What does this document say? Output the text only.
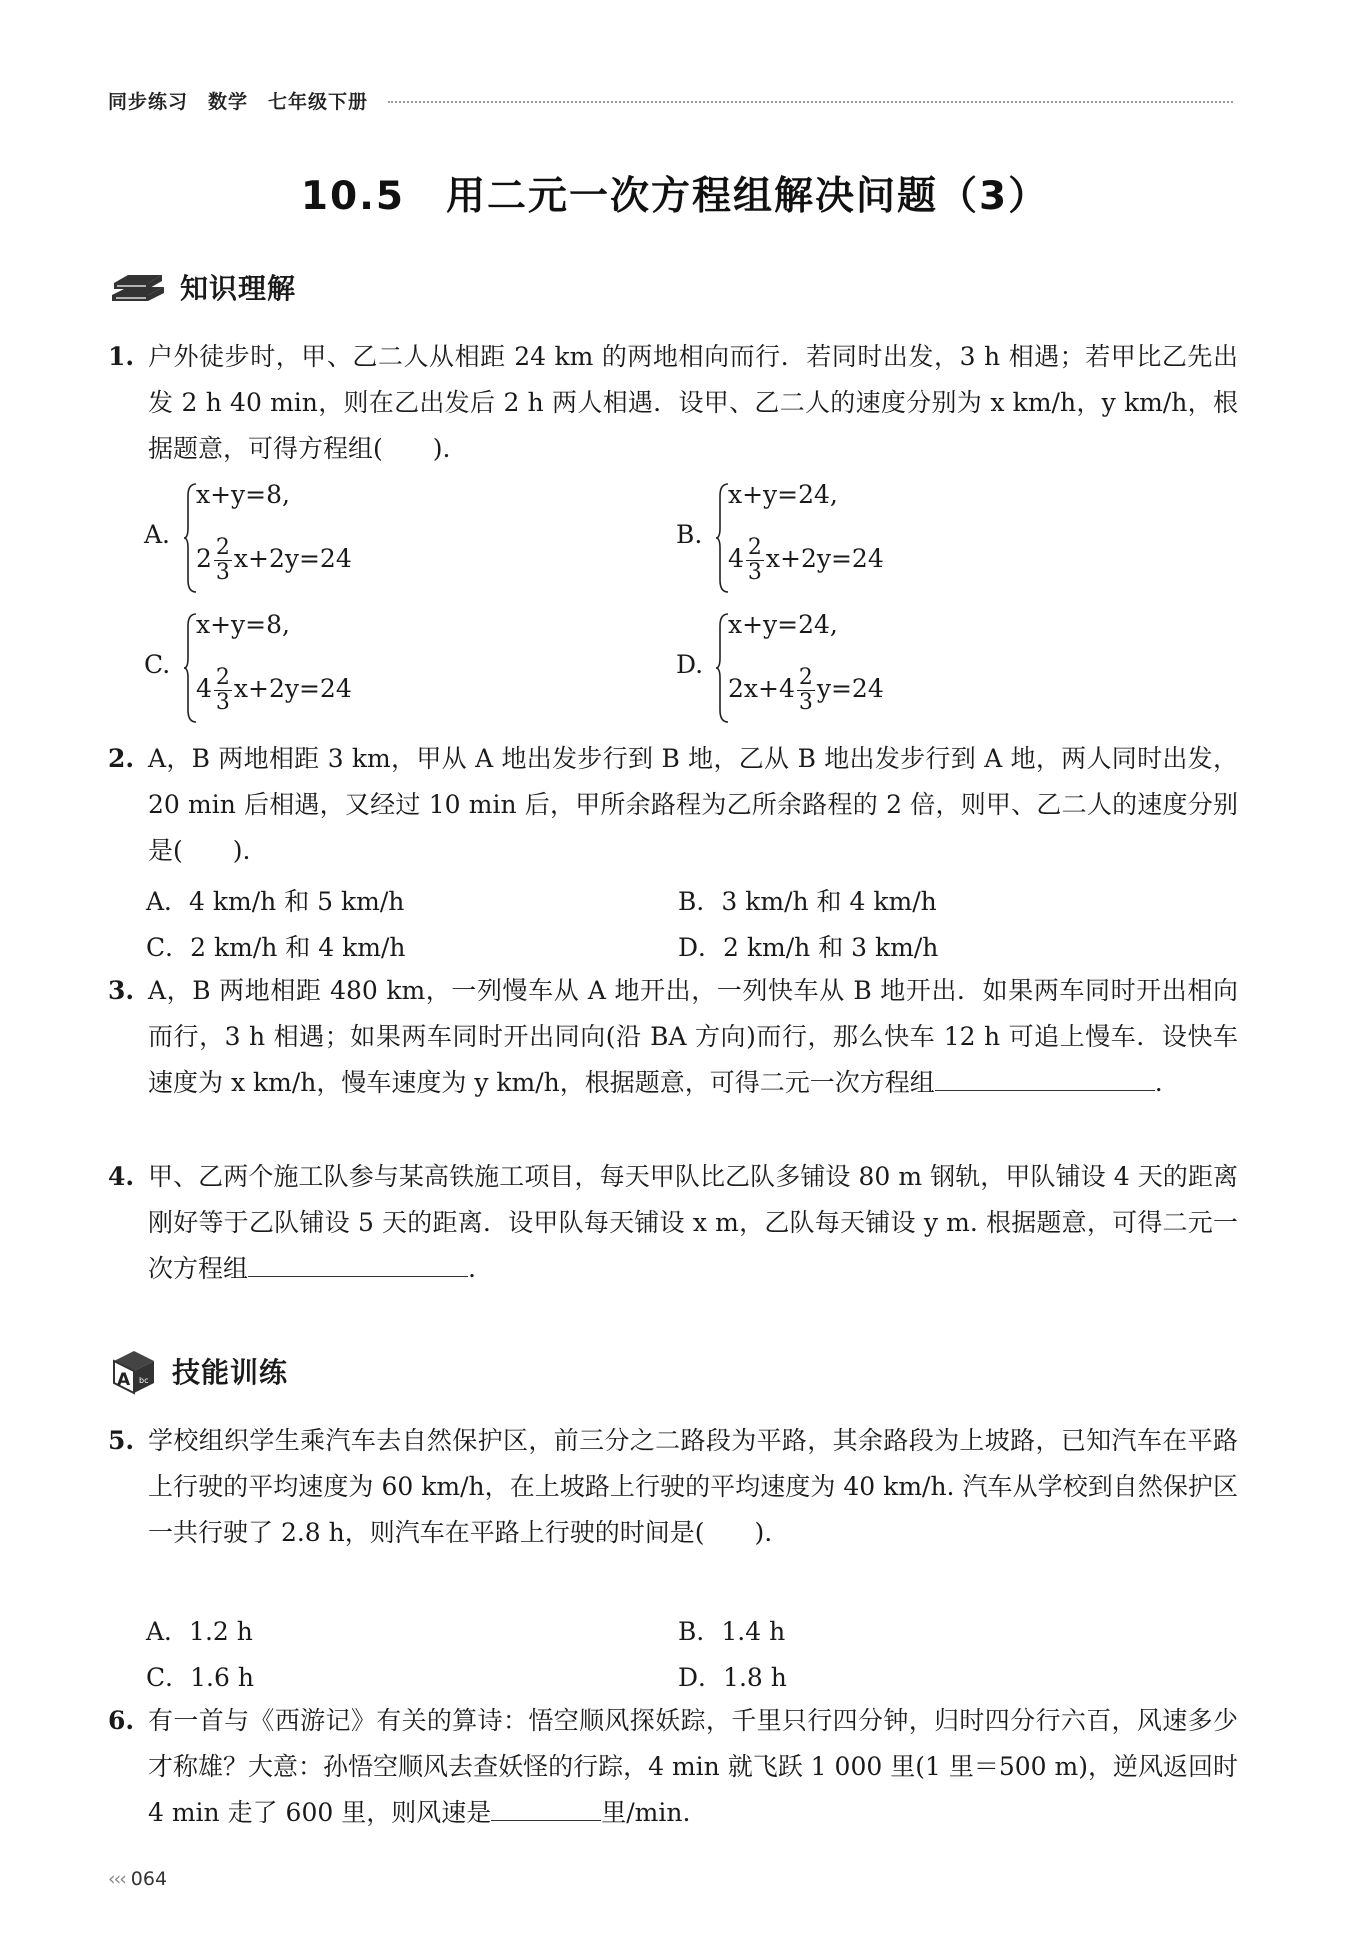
同步练习 数学 七年级下册
10.5　用二元一次方程组解决问题（3）
知识理解
1. 户外徒步时，甲、乙二人从相距 24 km 的两地相向而行．若同时出发，3 h 相遇；若甲比乙先出发 2 h 40 min，则在乙出发后 2 h 两人相遇．设甲、乙二人的速度分别为 x km/h，y km/h，根据题意，可得方程组(　　).
A.
x+y=8,
$2 \frac{2}{3} x+2y=24$
B.
x+y=24,
$4 \frac{2}{3} x+2y=24$
C.
x+y=8,
$4 \frac{2}{3} x+2y=24$
D.
x+y=24,
$2x+4 \frac{2}{3} y=24$
2. A，B 两地相距 3 km，甲从 A 地出发步行到 B 地，乙从 B 地出发步行到 A 地，两人同时出发，20 min 后相遇，又经过 10 min 后，甲所余路程为乙所余路程的 2 倍，则甲、乙二人的速度分别是(　　).
A．4 km/h 和 5 km/h	B．3 km/h 和 4 km/h
C．2 km/h 和 4 km/h	D．2 km/h 和 3 km/h
3. A，B 两地相距 480 km，一列慢车从 A 地开出，一列快车从 B 地开出．如果两车同时开出相向而行，3 h 相遇；如果两车同时开出同向(沿 BA 方向)而行，那么快车 12 h 可追上慢车．设快车速度为 x km/h，慢车速度为 y km/h，根据题意，可得二元一次方程组	.
4. 甲、乙两个施工队参与某高铁施工项目，每天甲队比乙队多铺设 80 m 钢轨，甲队铺设 4 天的距离刚好等于乙队铺设 5 天的距离．设甲队每天铺设 x m，乙队每天铺设 y m. 根据题意，可得二元一次方程组	.
A bc 技能训练
5. 学校组织学生乘汽车去自然保护区，前三分之二路段为平路，其余路段为上坡路，已知汽车在平路上行驶的平均速度为 60 km/h，在上坡路上行驶的平均速度为 40 km/h. 汽车从学校到自然保护区一共行驶了 2.8 h，则汽车在平路上行驶的时间是(　　).
A．1.2 h	B．1.4 h
C．1.6 h	D．1.8 h
6. 有一首与《西游记》有关的算诗：悟空顺风探妖踪，千里只行四分钟，归时四分行六百，风速多少才称雄？大意：孙悟空顺风去查妖怪的行踪，4 min 就飞跃 1 000 里(1 里＝500 m)，逆风返回时 4 min 走了 600 里，则风速是	里/min.
‹‹‹ 064
